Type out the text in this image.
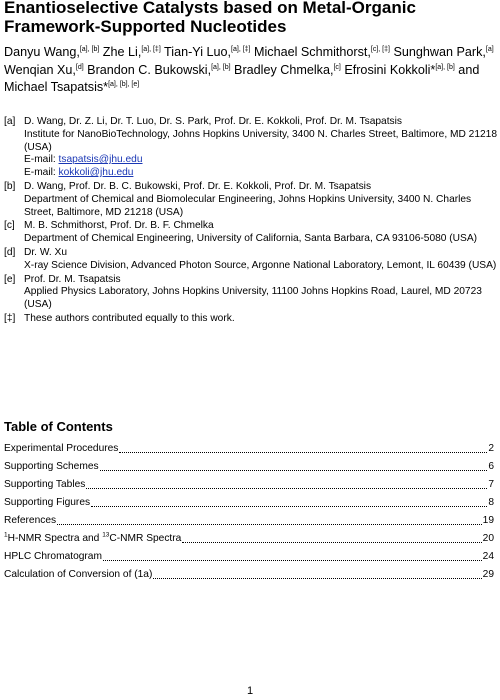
Enantioselective Catalysts based on Metal-Organic Framework-Supported Nucleotides
Danyu Wang,[a], [b] Zhe Li,[a], [‡] Tian-Yi Luo,[a], [‡] Michael Schmithorst,[c], [‡] Sunghwan Park,[a] Wenqian Xu,[d] Brandon C. Bukowski,[a], [b] Bradley Chmelka,[c] Efrosini Kokkoli*[a], [b] and Michael Tsapatsis*[a], [b], [e]
[a] D. Wang, Dr. Z. Li, Dr. T. Luo, Dr. S. Park, Prof. Dr. E. Kokkoli, Prof. Dr. M. Tsapatsis
Institute for NanoBioTechnology, Johns Hopkins University, 3400 N. Charles Street, Baltimore, MD 21218 (USA)
E-mail: tsapatsis@jhu.edu
E-mail: kokkoli@jhu.edu
[b] D. Wang, Prof. Dr. B. C. Bukowski, Prof. Dr. E. Kokkoli, Prof. Dr. M. Tsapatsis
Department of Chemical and Biomolecular Engineering, Johns Hopkins University, 3400 N. Charles Street, Baltimore, MD 21218 (USA)
[c] M. B. Schmithorst, Prof. Dr. B. F. Chmelka
Department of Chemical Engineering, University of California, Santa Barbara, CA 93106-5080 (USA)
[d] Dr. W. Xu
X-ray Science Division, Advanced Photon Source, Argonne National Laboratory, Lemont, IL 60439 (USA)
[e] Prof. Dr. M. Tsapatsis
Applied Physics Laboratory, Johns Hopkins University, 11100 Johns Hopkins Road, Laurel, MD 20723 (USA)
[‡] These authors contributed equally to this work.
Table of Contents
Experimental Procedures	2
Supporting Schemes	6
Supporting Tables	7
Supporting Figures	8
References	19
$^1$H-NMR Spectra and $^{13}$C-NMR Spectra	20
HPLC Chromatogram	24
Calculation of Conversion of (1a)	29
1
